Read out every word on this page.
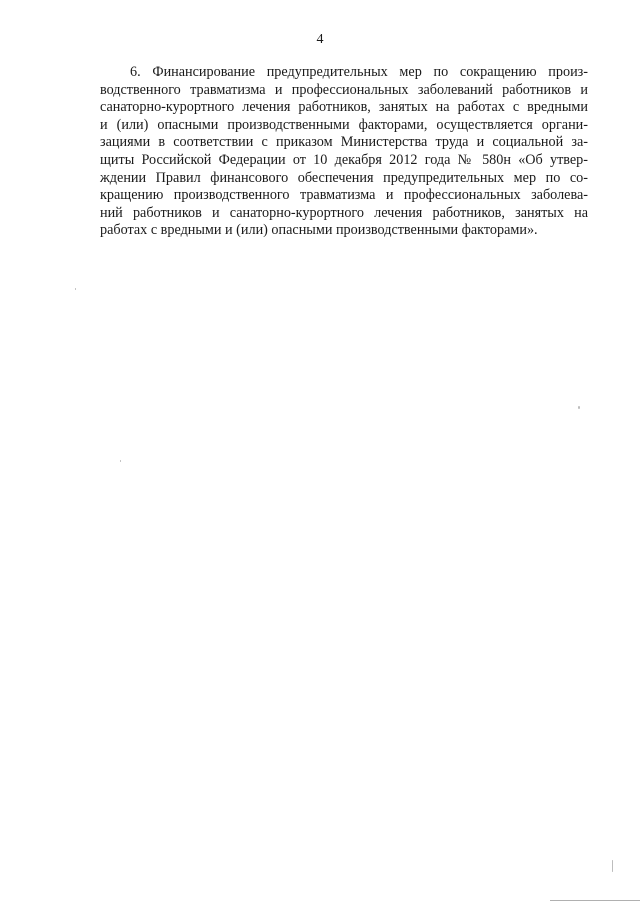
4

6. Финансирование предупредительных мер по сокращению произ-
водственного травматизма и профессиональных заболеваний работников и
санаторно-курортного лечения работников, занятых на работах с вредными
и (или) опасными производственными факторами, осуществляется органи-
зациями в соответствии с приказом Министерства труда и социальной за-
щиты Российской Федерации от 10 декабря 2012 года № 580н «Об утвер-
ждении Правил финансового обеспечения предупредительных мер по со-
кращению производственного травматизма и профессиональных заболева-
ний работников и санаторно-курортного лечения работников, занятых на
работах с вредными и (или) опасными производственными факторами».
